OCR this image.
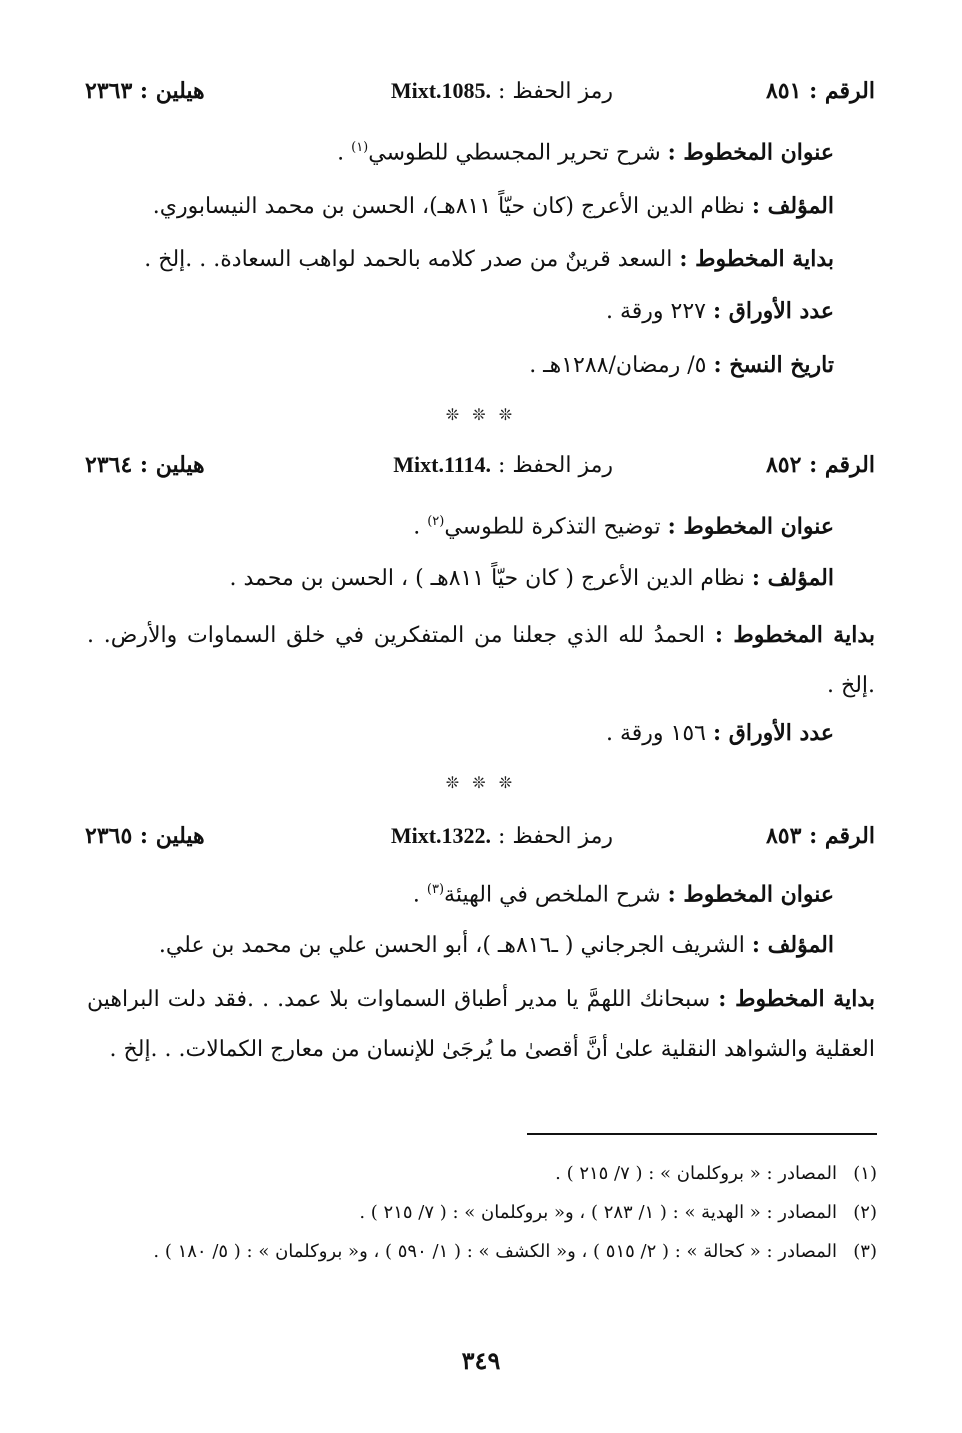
الرقم : ٨٥١
رمز الحفظ : Mixt.1085.
هيلين : ٢٣٦٣
عنوان المخطوط : شرح تحرير المجسطي للطوسي$^{(١)}$ .
المؤلف : نظام الدين الأعرج (كان حيّاً ٨١١هـ)، الحسن بن محمد النيسابوري.
بداية المخطوط : السعد قرينٌ من صدر كلامه بالحمد لواهب السعادة. . .إلخ .
عدد الأوراق : ٢٢٧ ورقة .
تاريخ النسخ : ٥/ رمضان/١٢٨٨هـ .
❊ ❊ ❊
الرقم : ٨٥٢
رمز الحفظ : Mixt.1114.
هيلين : ٢٣٦٤
عنوان المخطوط : توضيح التذكرة للطوسي$^{(٢)}$ .
المؤلف : نظام الدين الأعرج ( كان حيّاً ٨١١هـ ) ، الحسن بن محمد .
بداية المخطوط : الحمدُ لله الذي جعلنا من المتفكرين في خلق السماوات والأرض. . .إلخ .
عدد الأوراق : ١٥٦ ورقة .
❊ ❊ ❊
الرقم : ٨٥٣
رمز الحفظ : Mixt.1322.
هيلين : ٢٣٦٥
عنوان المخطوط : شرح الملخص في الهيئة$^{(٣)}$ .
المؤلف : الشريف الجرجاني ( ـ٨١٦هـ )، أبو الحسن علي بن محمد بن علي.
بداية المخطوط : سبحانك اللهمَّ يا مدير أطباق السماوات بلا عمد. . .فقد دلت البراهين العقلية والشواهد النقلية علىٰ أنَّ أقصىٰ ما يُرجَىٰ للإنسان من معارج الكمالات. . .إلخ .
(١)المصادر : « بروكلمان » : ( ٧/ ٢١٥ ) .
(٢)المصادر : « الهدية » : ( ١/ ٢٨٣ ) ، و« بروكلمان » : ( ٧/ ٢١٥ ) .
(٣)المصادر : « كحالة » : ( ٢/ ٥١٥ ) ، و« الكشف » : ( ١/ ٥٩٠ ) ، و« بروكلمان » : ( ٥/ ١٨٠ ) .
٣٤٩
